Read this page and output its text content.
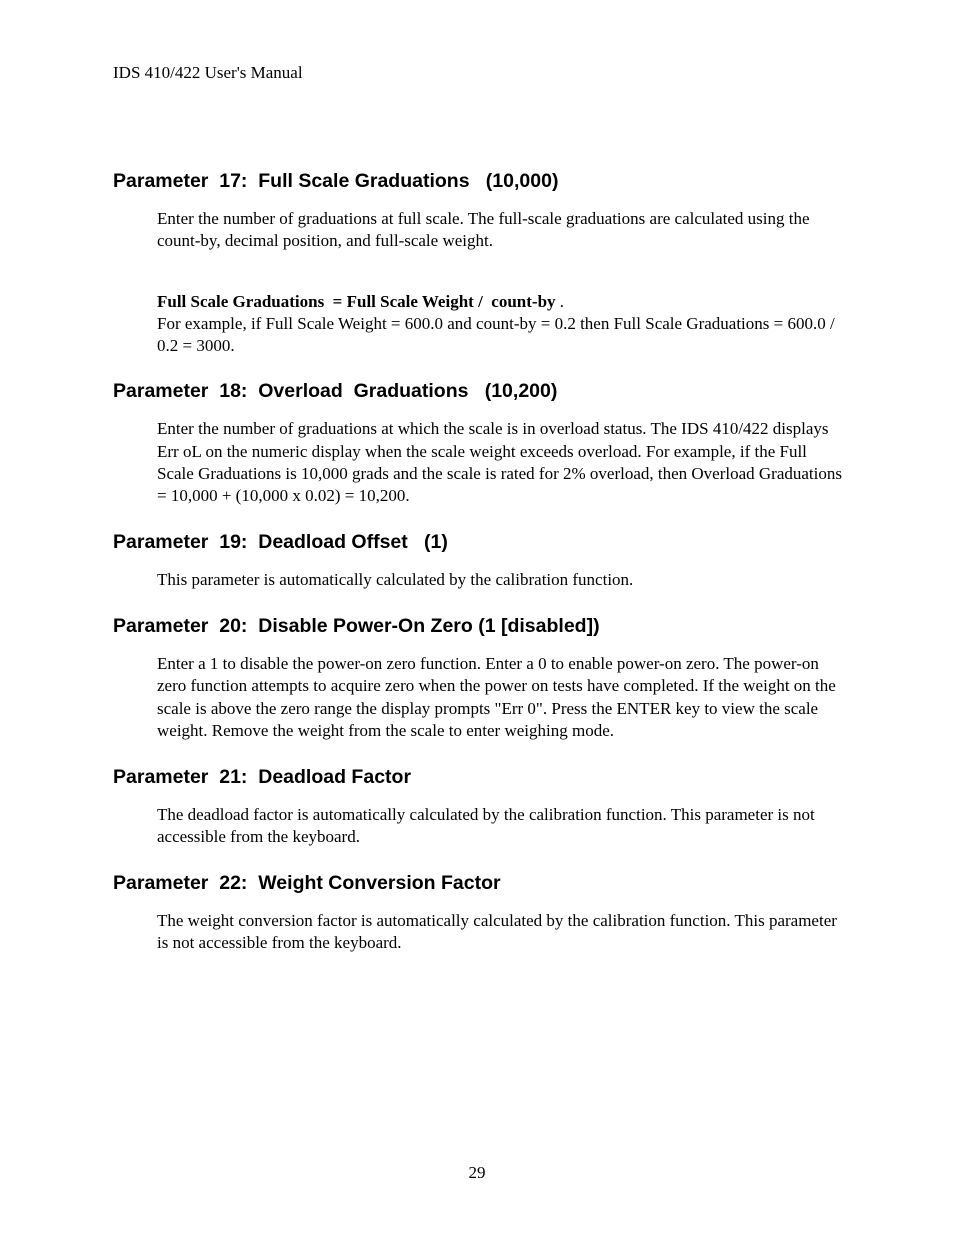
IDS 410/422 User's Manual
Parameter  17:  Full Scale Graduations   (10,000)

Enter the number of graduations at full scale. The full-scale graduations are calculated using the count-by, decimal position, and full-scale weight.

Full Scale Graduations  = Full Scale Weight /  count-by .

For example, if Full Scale Weight = 600.0 and count-by = 0.2 then Full Scale Graduations = 600.0 / 0.2 = 3000.

Parameter  18:  Overload  Graduations   (10,200)

Enter the number of graduations at which the scale is in overload status. The IDS 410/422 displays Err oL on the numeric display when the scale weight exceeds overload. For example, if the Full Scale Graduations is 10,000 grads and the scale is rated for 2% overload, then Overload Graduations = 10,000 + (10,000 x 0.02) = 10,200.

Parameter  19:  Deadload Offset   (1)

This parameter is automatically calculated by the calibration function.

Parameter  20:  Disable Power-On Zero (1 [disabled])

Enter a 1 to disable the power-on zero function. Enter a 0 to enable power-on zero. The power-on zero function attempts to acquire zero when the power on tests have completed. If the weight on the scale is above the zero range the display prompts "Err 0". Press the ENTER key to view the scale weight. Remove the weight from the scale to enter weighing mode.

Parameter  21:  Deadload Factor

The deadload factor is automatically calculated by the calibration function. This parameter is not accessible from the keyboard.

Parameter  22:  Weight Conversion Factor

The weight conversion factor is automatically calculated by the calibration function. This parameter is not accessible from the keyboard.

29
